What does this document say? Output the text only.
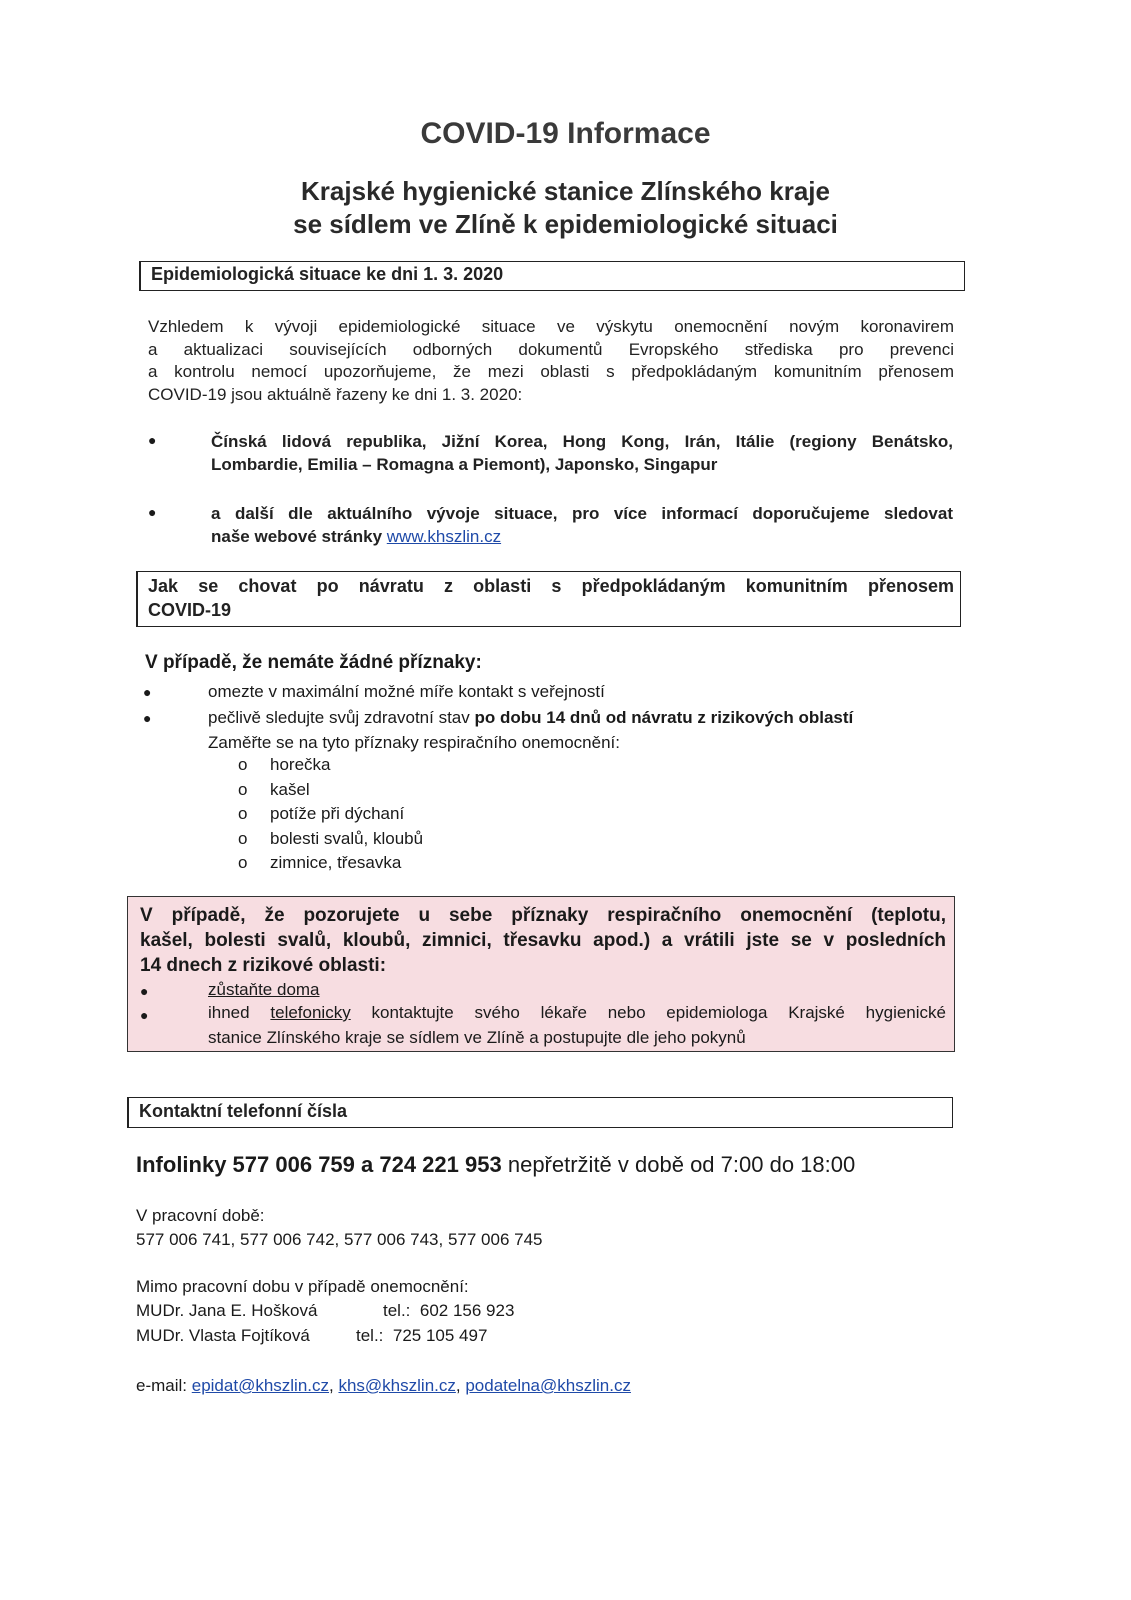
COVID-19 Informace
Krajské hygienické stanice Zlínského kraje
se sídlem ve Zlíně k epidemiologické situaci
Epidemiologická situace ke dni 1. 3. 2020
Vzhledem k vývoji epidemiologické situace ve výskytu onemocnění novým koronavirem
a aktualizaci souvisejících odborných dokumentů Evropského střediska pro prevenci
a kontrolu nemocí upozorňujeme, že mezi oblasti s předpokládaným komunitním přenosem
COVID-19 jsou aktuálně řazeny ke dni 1. 3. 2020:
●	Čínská lidová republika, Jižní Korea, Hong Kong, Irán, Itálie (regiony Benátsko,
Lombardie, Emilia – Romagna a Piemont), Japonsko, Singapur
●	a další dle aktuálního vývoje situace, pro více informací doporučujeme sledovat
naše webové stránky www.khszlin.cz
Jak se chovat po návratu z oblasti s předpokládaným komunitním přenosem
COVID-19
V případě, že nemáte žádné příznaky:
●	omezte v maximální možné míře kontakt s veřejností
●	pečlivě sledujte svůj zdravotní stav po dobu 14 dnů od návratu z rizikových oblastí
Zaměřte se na tyto příznaky respiračního onemocnění:
o horečka
o kašel
o potíže při dýchaní
o bolesti svalů, kloubů
o zimnice, třesavka
V případě, že pozorujete u sebe příznaky respiračního onemocnění (teplotu,
kašel, bolesti svalů, kloubů, zimnici, třesavku apod.) a vrátili jste se v posledních
14 dnech z rizikové oblasti:
●	zůstaňte doma
●	ihned telefonicky kontaktujte svého lékaře nebo epidemiologa Krajské hygienické
stanice Zlínského kraje se sídlem ve Zlíně a postupujte dle jeho pokynů
Kontaktní telefonní čísla
Infolinky 577 006 759 a 724 221 953 nepřetržitě v době od 7:00 do 18:00
V pracovní době:
577 006 741, 577 006 742, 577 006 743, 577 006 745
Mimo pracovní dobu v případě onemocnění:
MUDr. Jana E. Hošková	tel.: 602 156 923
MUDr. Vlasta Fojtíková	tel.: 725 105 497
e-mail: epidat@khszlin.cz, khs@khszlin.cz, podatelna@khszlin.cz
